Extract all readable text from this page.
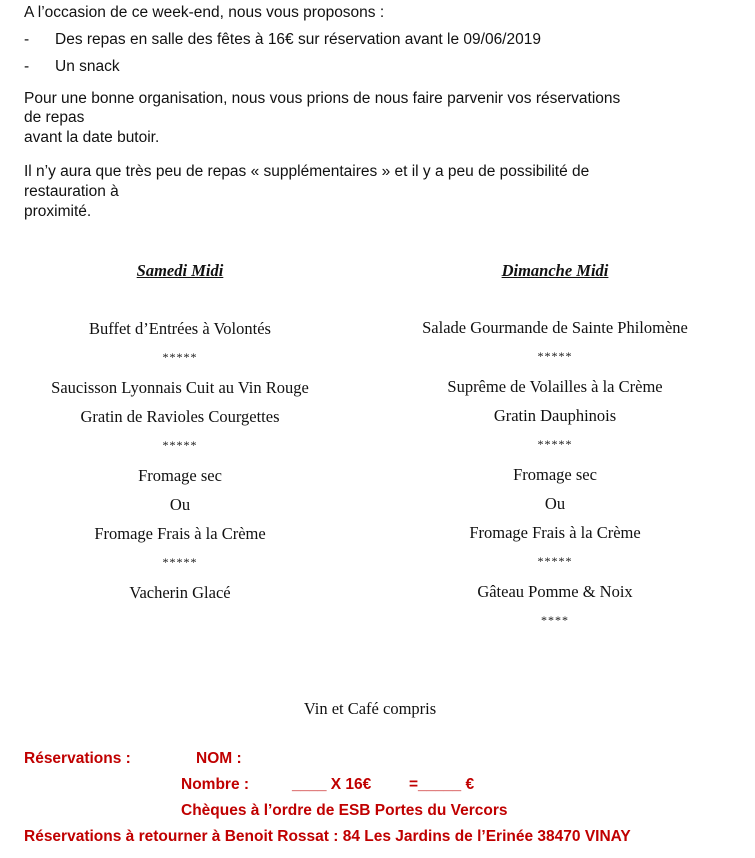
A l’occasion de ce week-end, nous vous proposons :
- Des repas en salle des fêtes à 16€ sur réservation avant le 09/06/2019
- Un snack
Pour une bonne organisation, nous vous prions de nous faire parvenir vos réservations
de repas
avant la date butoir.
Il n’y aura que très peu de repas « supplémentaires » et il y a peu de possibilité de
restauration à
proximité.
Samedi Midi
Buffet d’Entrées à Volontés
*****
Saucisson Lyonnais Cuit au Vin Rouge
Gratin de Ravioles Courgettes
*****
Fromage sec
Ou
Fromage Frais à la Crème
*****
Vacherin Glacé
Dimanche Midi
Salade Gourmande de Sainte Philomène
*****
Suprême de Volailles à la Crème
Gratin Dauphinois
*****
Fromage sec
Ou
Fromage Frais à la Crème
*****
Gâteau Pomme & Noix
****
Vin et Café compris
Réservations :	NOM :
Nombre :	____ X 16€ =_____ €
Chèques à l’ordre de ESB Portes du Vercors
Réservations à retourner à Benoit Rossat : 84 Les Jardins de l’Erinée 38470 VINAY
